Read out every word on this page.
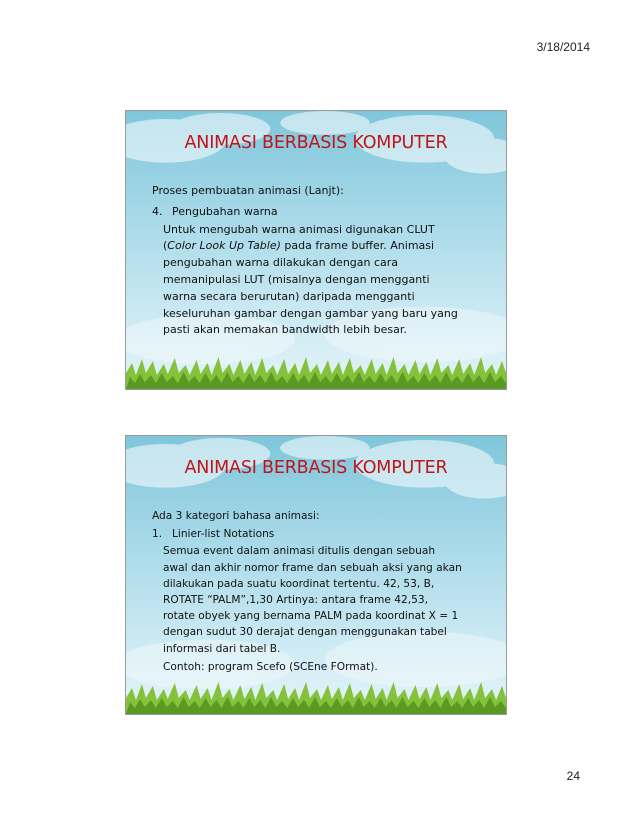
3/18/2014
ANIMASI BERBASIS KOMPUTER

Proses pembuatan animasi (Lanjt):

4. Pengubahan warna

Untuk mengubah warna animasi digunakan CLUT
(Color Look Up Table) pada frame buffer. Animasi
pengubahan warna dilakukan dengan cara
memanipulasi LUT (misalnya dengan mengganti
warna secara berurutan) daripada mengganti
keseluruhan gambar dengan gambar yang baru yang
pasti akan memakan bandwidth lebih besar.

ANIMASI BERBASIS KOMPUTER

Ada 3 kategori bahasa animasi:

1. Linier-list Notations

Semua event dalam animasi ditulis dengan sebuah
awal dan akhir nomor frame dan sebuah aksi yang akan
dilakukan pada suatu koordinat tertentu. 42, 53, B,
ROTATE “PALM”,1,30 Artinya: antara frame 42,53,
rotate obyek yang bernama PALM pada koordinat X = 1
dengan sudut 30 derajat dengan menggunakan tabel
informasi dari tabel B.

Contoh: program Scefo (SCEne FOrmat).

24
